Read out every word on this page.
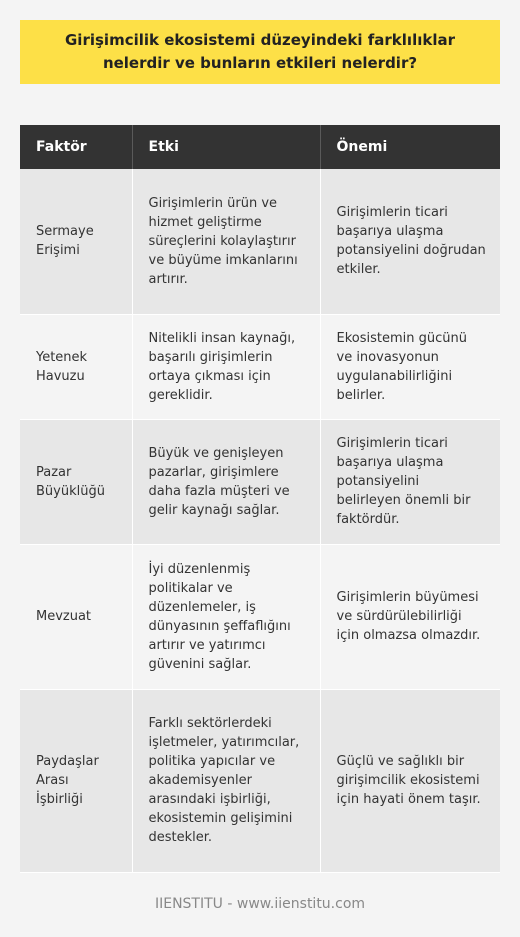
Girişimcilik ekosistemi düzeyindeki farklılıklar nelerdir ve bunların etkileri nelerdir?
Faktör	Etki	Önemi
Sermaye Erişimi	Girişimlerin ürün ve hizmet geliştirme süreçlerini kolaylaştırır ve büyüme imkanlarını artırır.	Girişimlerin ticari başarıya ulaşma potansiyelini doğrudan etkiler.
Yetenek Havuzu	Nitelikli insan kaynağı, başarılı girişimlerin ortaya çıkması için gereklidir.	Ekosistemin gücünü ve inovasyonun uygulanabilirliğini belirler.
Pazar Büyüklüğü	Büyük ve genişleyen pazarlar, girişimlere daha fazla müşteri ve gelir kaynağı sağlar.	Girişimlerin ticari başarıya ulaşma potansiyelini belirleyen önemli bir faktördür.
Mevzuat	İyi düzenlenmiş politikalar ve düzenlemeler, iş dünyasının şeffaflığını artırır ve yatırımcı güvenini sağlar.	Girişimlerin büyümesi ve sürdürülebilirliği için olmazsa olmazdır.
Paydaşlar Arası İşbirliği	Farklı sektörlerdeki işletmeler, yatırımcılar, politika yapıcılar ve akademisyenler arasındaki işbirliği, ekosistemin gelişimini destekler.	Güçlü ve sağlıklı bir girişimcilik ekosistemi için hayati önem taşır.
IIENSTITU - www.iienstitu.com
